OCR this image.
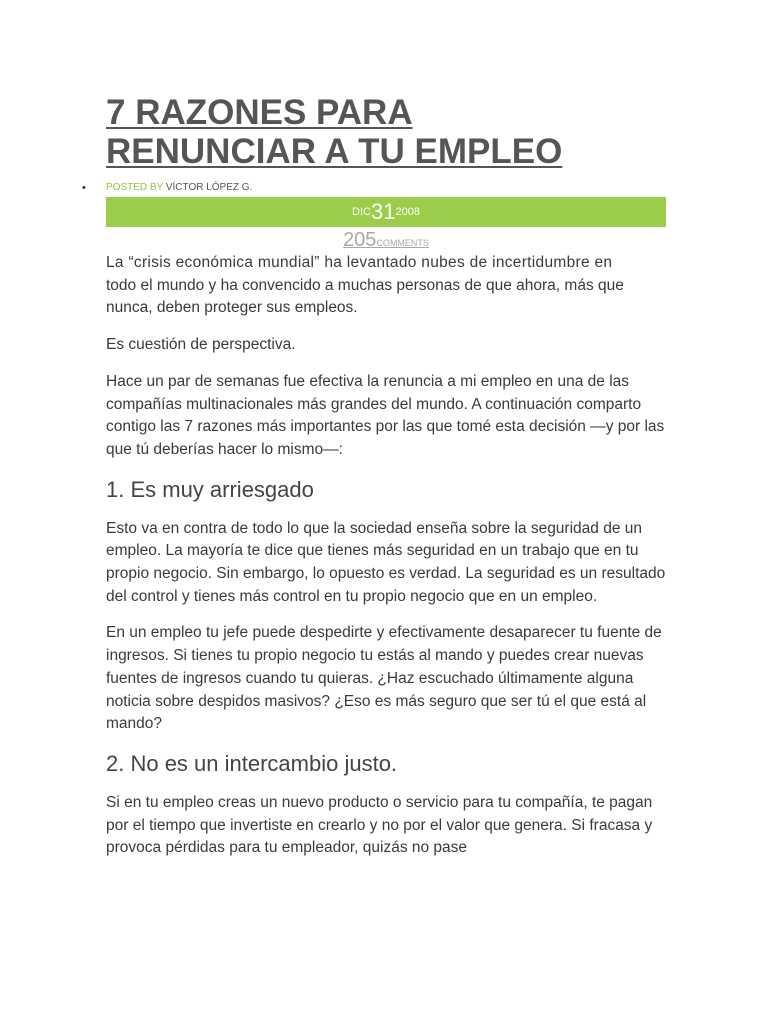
7 RAZONES PARA
RENUNCIAR A TU EMPLEO
• POSTED BY VÍCTOR LÓPEZ G.
DIC 31 2008
205COMMENTS

La “crisis económica mundial” ha levantado nubes de incertidumbre en
todo el mundo y ha convencido a muchas personas de que ahora, más que nunca, deben proteger sus empleos.

Es cuestión de perspectiva.

Hace un par de semanas fue efectiva la renuncia a mi empleo en una de las compañías multinacionales más grandes del mundo. A continuación comparto contigo las 7 razones más importantes por las que tomé esta decisión —y por las que tú deberías hacer lo mismo—:

1. Es muy arriesgado

Esto va en contra de todo lo que la sociedad enseña sobre la seguridad de un empleo. La mayoría te dice que tienes más seguridad en un trabajo que en tu propio negocio. Sin embargo, lo opuesto es verdad. La seguridad es un resultado del control y tienes más control en tu propio negocio que en un empleo.

En un empleo tu jefe puede despedirte y efectivamente desaparecer tu fuente de ingresos. Si tienes tu propio negocio tu estás al mando y puedes crear nuevas fuentes de ingresos cuando tu quieras. ¿Haz escuchado últimamente alguna noticia sobre despidos masivos? ¿Eso es más seguro que ser tú el que está al mando?

2. No es un intercambio justo.

Si en tu empleo creas un nuevo producto o servicio para tu compañía, te pagan por el tiempo que invertiste en crearlo y no por el valor que genera. Si fracasa y provoca pérdidas para tu empleador, quizás no pase
